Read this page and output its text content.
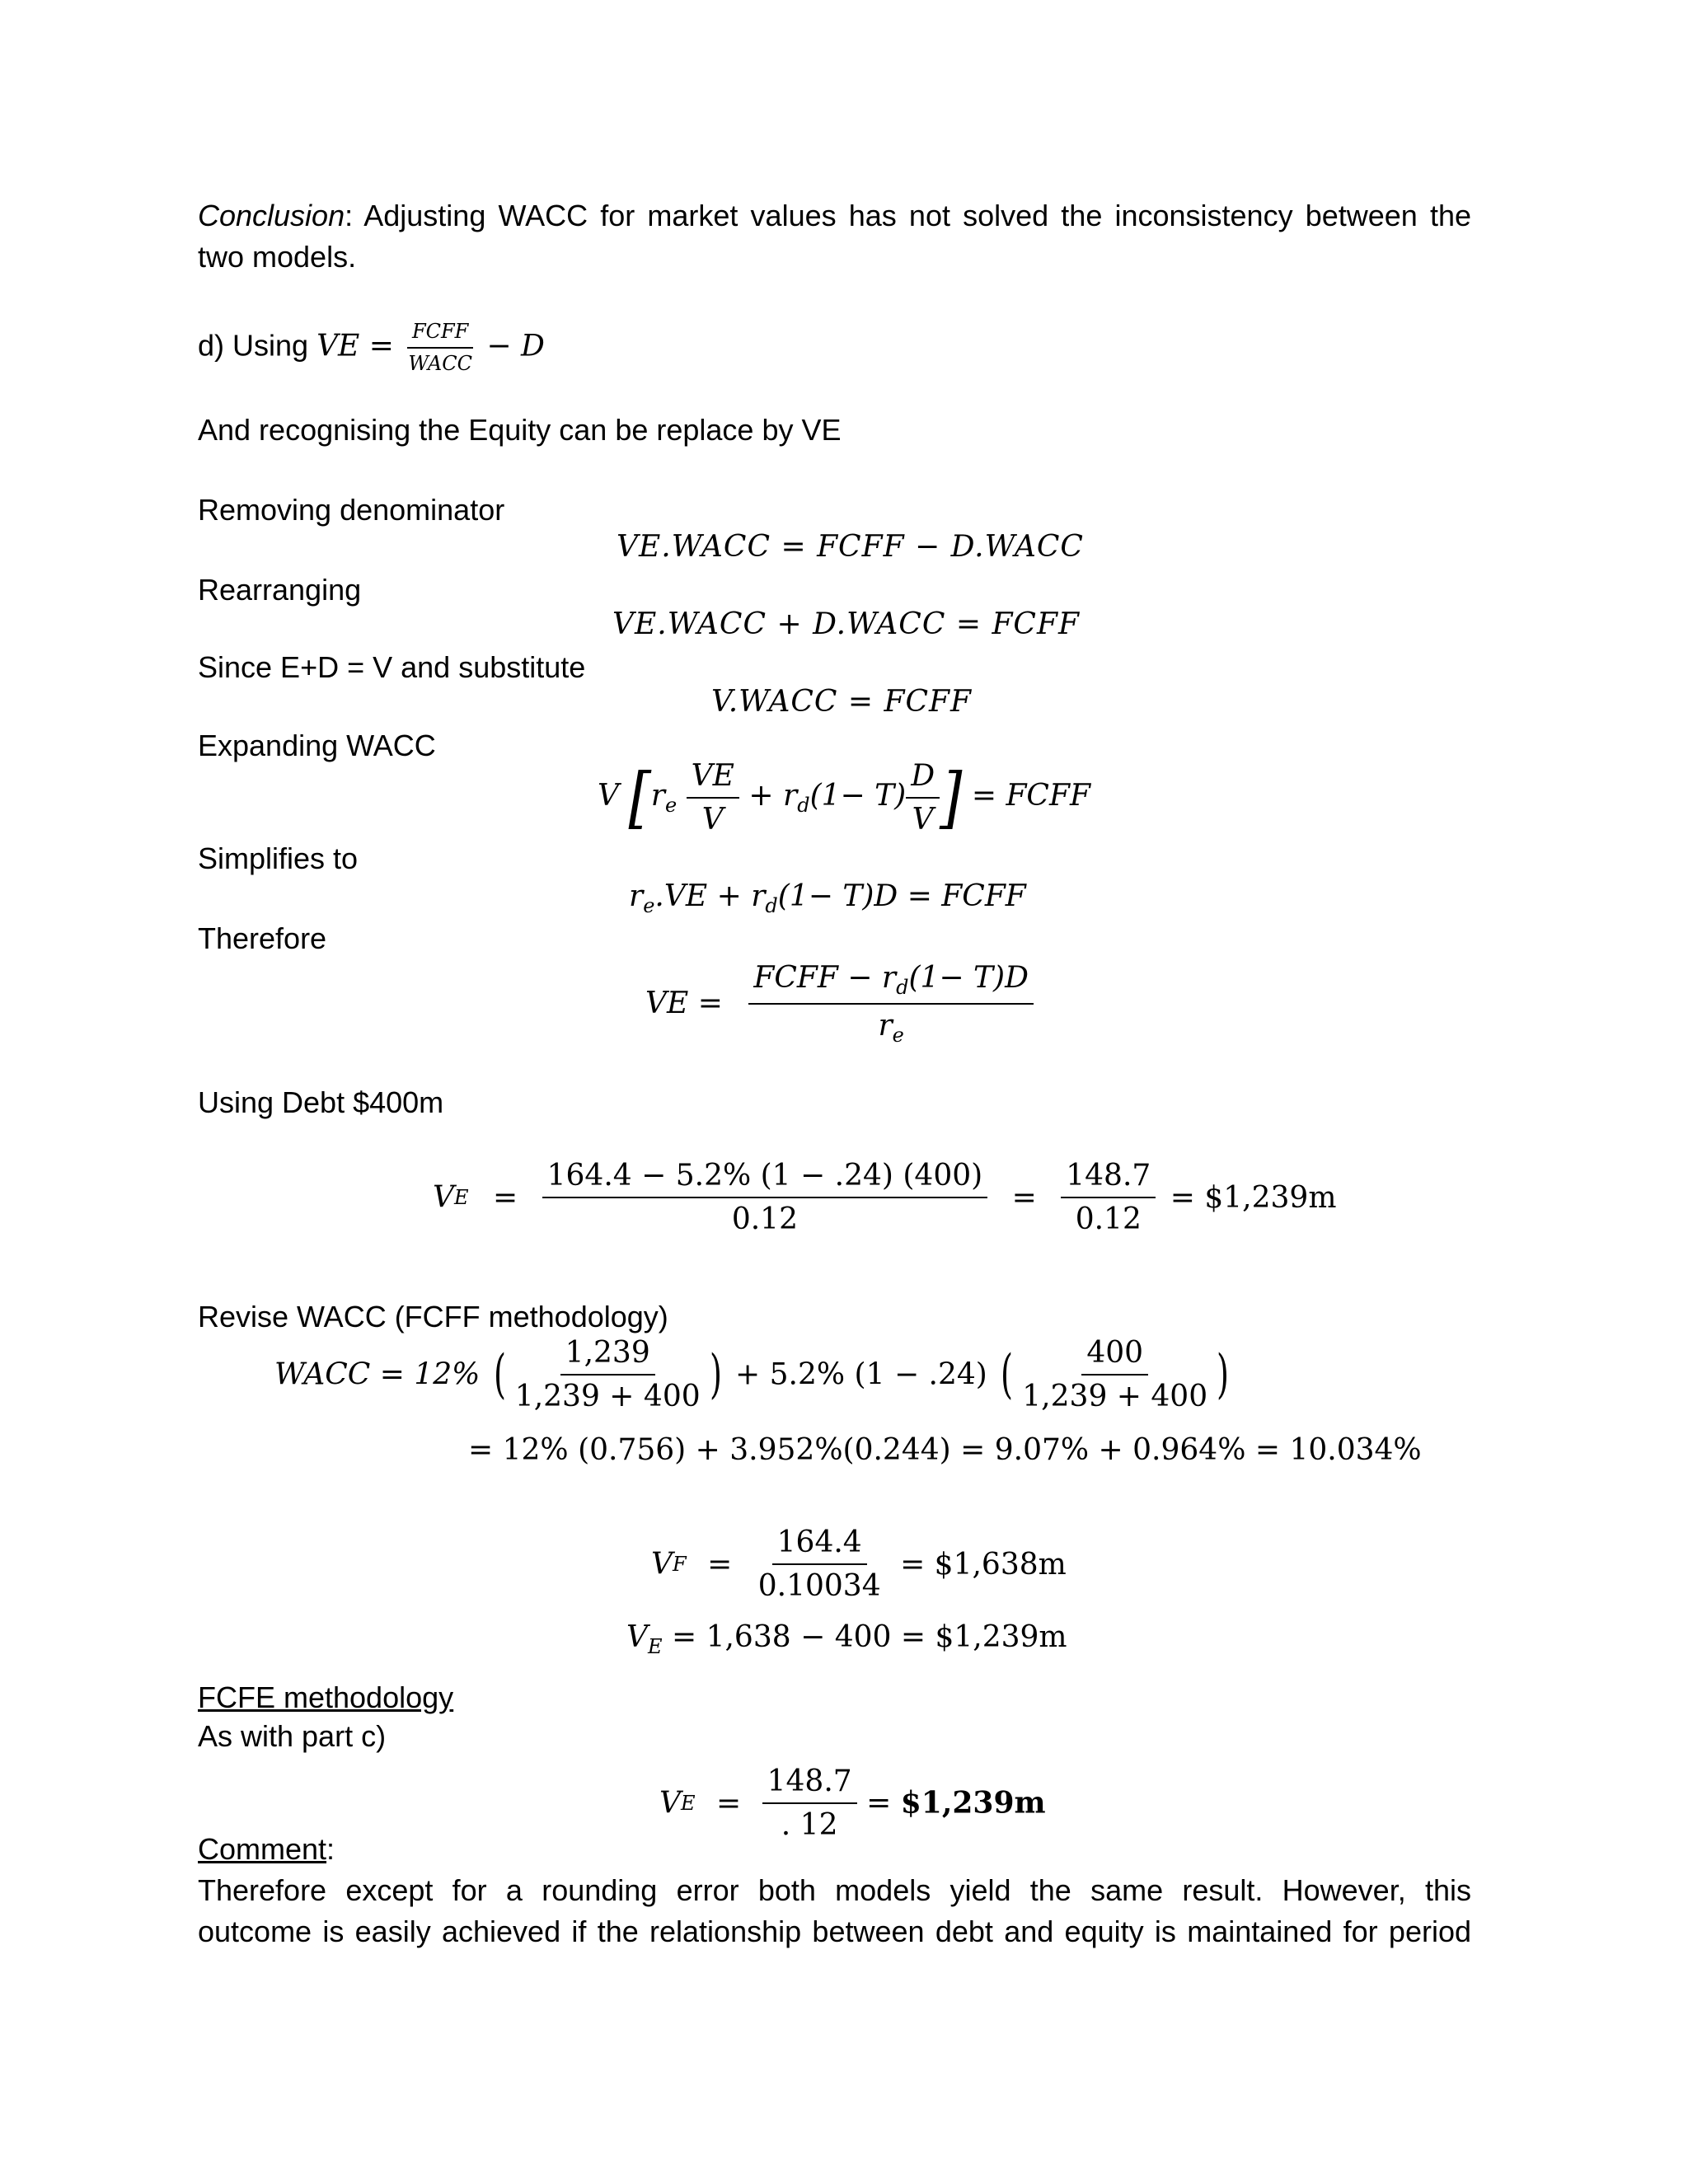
Conclusion: Adjusting WACC for market values has not solved the inconsistency between the
two models.
d) Using VE = $\frac{\text{FCFF}}{\text{WACC}} - D$
And recognising the Equity can be replace by VE
Removing denominator
Rearranging
Since E+D = V and substitute
Expanding WACC
Simplifies to
Therefore
VE.WACC = FCFF − D.WACC
VE.WACC + D.WACC = FCFF
V.WACC = FCFF
V [$r_e \frac{VE}{V} + r_d(1- T) \frac{D}{V}$ ] = FCFF
$r_e.VE + r_d(1- T)D$ = FCFF
VE = $\frac{FCFF - r_d(1- T)D}{r_e}$
Using Debt $400m
VE = $\frac{164.4 - 5.2\% (1 - .24) (400)}{0.12} = \frac{148.7}{0.12}$ = $1,239m
Revise WACC (FCFF methodology)
WACC = 12% ( $\frac{1,239}{1,239 + 400}$ ) + 5.2% (1 − .24) ( $\frac{400}{1,239 + 400}$ )
= 12% (0.756) + 3.952%(0.244) = 9.07% + 0.964% = 10.034%
VF = $\frac{164.4}{0.10034}$ = $1,638m
$V_E = 1,638 - 400$ = $1,239m
FCFE methodology
As with part c)
VE = $\frac{148.7}{. 12}$ = $1,239m
Comment:
Therefore except for a rounding error both models yield the same result. However, this
outcome is easily achieved if the relationship between debt and equity is maintained for period
